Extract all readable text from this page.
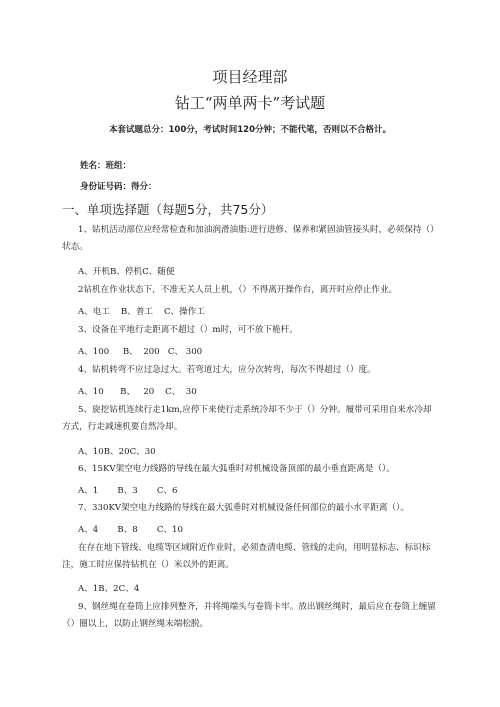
项目经理部
钻工“两单两卡”考试题
本套试题总分：100分，考试时间120分钟；不能代笔，否则以不合格计。
姓名：班组：
身份证号码：得分：
一、单项选择题（每题5分，共75分）
1、钻机活动部位应经常检查和加油润滑油脂:进行进修、保养和紧固油管接头时，必须保持（）状态。
A、开机B、停机C、随便
2钻机在作业状态下，不准无关人员上机，（）不得离开操作台，离开时应停止作业。
A、电工    B、普工    C、操作工
3、设备在平地行走距离不超过（）m时，可不放下桅杆。
A、100     B、  200   C、 300
4、钻机转弯不应过急过大。若弯道过大，应分次转弯，每次不得超过（）度。
A、10      B、   20    C、  30
5、旋挖钻机连续行走1km,应停下来使行走系统冷却不少于（）分钟。履带可采用自来水冷却方式，行走减速机要自然冷却。
A、10B、20C、30
6、15KV架空电力线路的导线在最大弧垂时对机械设备顶部的最小垂直距离是（）。
A、1       B、3       C、6
7、330KV架空电力线路的导线在最大弧垂时对机械设备任何部位的最小水平距离（）。
A、4       B、8       C、10
在存在地下管线、电缆等区域附近作业时，必须查清电缆、管线的走向，用明显标志、标识标注，施工时应保持钻机在（）米以外的距离。
A、1B、2C、4
9、钢丝绳在卷筒上应排列整齐，并将绳端头与卷筒卡牢。放出钢丝绳时，最后应在卷筒上缠留（）圈以上，以防止钢丝绳末端松脱。
